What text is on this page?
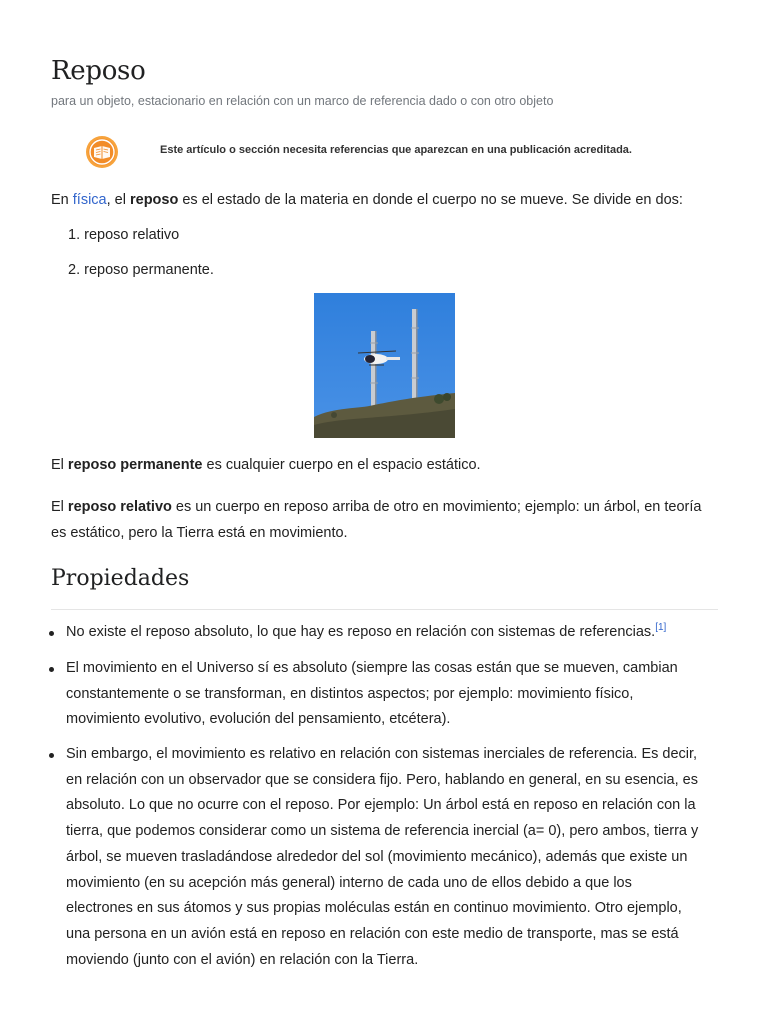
Reposo
para un objeto, estacionario en relación con un marco de referencia dado o con otro objeto
Este artículo o sección necesita referencias que aparezcan en una publicación acreditada.

En física, el reposo es el estado de la materia en donde el cuerpo no se mueve. Se divide en dos:

1. reposo relativo
2. reposo permanente.

El reposo permanente es cualquier cuerpo en el espacio estático.

El reposo relativo es un cuerpo en reposo arriba de otro en movimiento; ejemplo: un árbol, en teoría
es estático, pero la Tierra está en movimiento.

Propiedades
No existe el reposo absoluto, lo que hay es reposo en relación con sistemas de referencias.[1]
El movimiento en el Universo sí es absoluto (siempre las cosas están que se mueven, cambian
constantemente o se transforman, en distintos aspectos; por ejemplo: movimiento físico,
movimiento evolutivo, evolución del pensamiento, etcétera).
Sin embargo, el movimiento es relativo en relación con sistemas inerciales de referencia. Es decir,
en relación con un observador que se considera fijo. Pero, hablando en general, en su esencia, es
absoluto. Lo que no ocurre con el reposo. Por ejemplo: Un árbol está en reposo en relación con la
tierra, que podemos considerar como un sistema de referencia inercial (a= 0), pero ambos, tierra y
árbol, se mueven trasladándose alrededor del sol (movimiento mecánico), además que existe un
movimiento (en su acepción más general) interno de cada uno de ellos debido a que los
electrones en sus átomos y sus propias moléculas están en continuo movimiento. Otro ejemplo,
una persona en un avión está en reposo en relación con este medio de transporte, mas se está
moviendo (junto con el avión) en relación con la Tierra.
